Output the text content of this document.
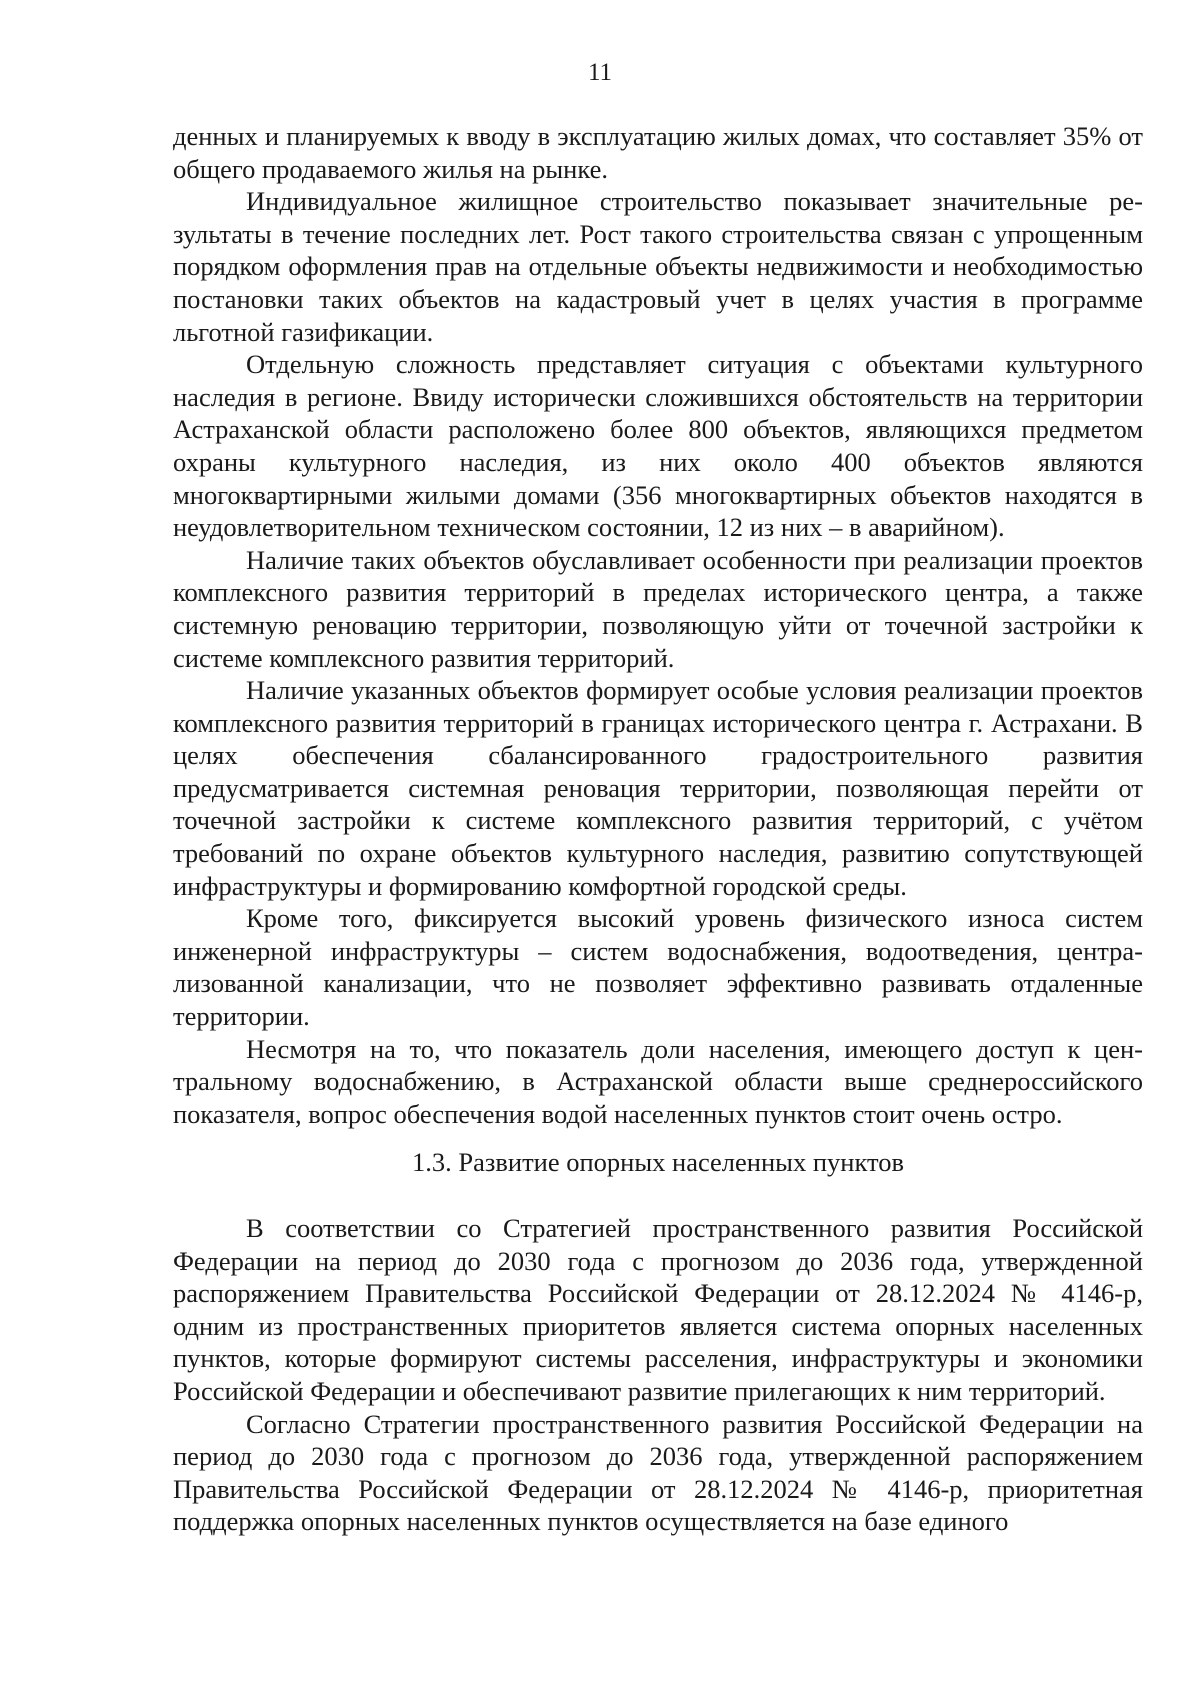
11

денных и планируемых к вводу в эксплуатацию жилых домах, что составляет 35% от общего продаваемого жилья на рынке.

Индивидуальное жилищное строительство показывает значительные результаты в течение последних лет. Рост такого строительства связан с упрощенным порядком оформления прав на отдельные объекты недвижимости и необходимостью постановки таких объектов на кадастровый учет в целях участия в программе льготной газификации.

Отдельную сложность представляет ситуация с объектами культурного наследия в регионе. Ввиду исторически сложившихся обстоятельств на территории Астраханской области расположено более 800 объектов, являющихся предметом охраны культурного наследия, из них около 400 объектов являются многоквартирными жилыми домами (356 многоквартирных объектов находятся в неудовлетворительном техническом состоянии, 12 из них – в аварийном).

Наличие таких объектов обуславливает особенности при реализации проектов комплексного развития территорий в пределах исторического центра, а также системную реновацию территории, позволяющую уйти от точечной застройки к системе комплексного развития территорий.

Наличие указанных объектов формирует особые условия реализации проектов комплексного развития территорий в границах исторического центра г. Астрахани. В целях обеспечения сбалансированного градостроительного развития предусматривается системная реновация территории, позволяющая перейти от точечной застройки к системе комплексного развития территорий, с учётом требований по охране объектов культурного наследия, развитию сопутствующей инфраструктуры и формированию комфортной городской среды.

Кроме того, фиксируется высокий уровень физического износа систем инженерной инфраструктуры – систем водоснабжения, водоотведения, централизованной канализации, что не позволяет эффективно развивать отдаленные территории.

Несмотря на то, что показатель доли населения, имеющего доступ к центральному водоснабжению, в Астраханской области выше среднероссийского показателя, вопрос обеспечения водой населенных пунктов стоит очень остро.

1.3. Развитие опорных населенных пунктов

В соответствии со Стратегией пространственного развития Российской Федерации на период до 2030 года с прогнозом до 2036 года, утвержденной распоряжением Правительства Российской Федерации от 28.12.2024 № 4146-р, одним из пространственных приоритетов является система опорных населенных пунктов, которые формируют системы расселения, инфраструктуры и экономики Российской Федерации и обеспечивают развитие прилегающих к ним территорий.

Согласно Стратегии пространственного развития Российской Федерации на период до 2030 года с прогнозом до 2036 года, утвержденной распоряжением Правительства Российской Федерации от 28.12.2024 № 4146-р, приоритетная поддержка опорных населенных пунктов осуществляется на базе единого
